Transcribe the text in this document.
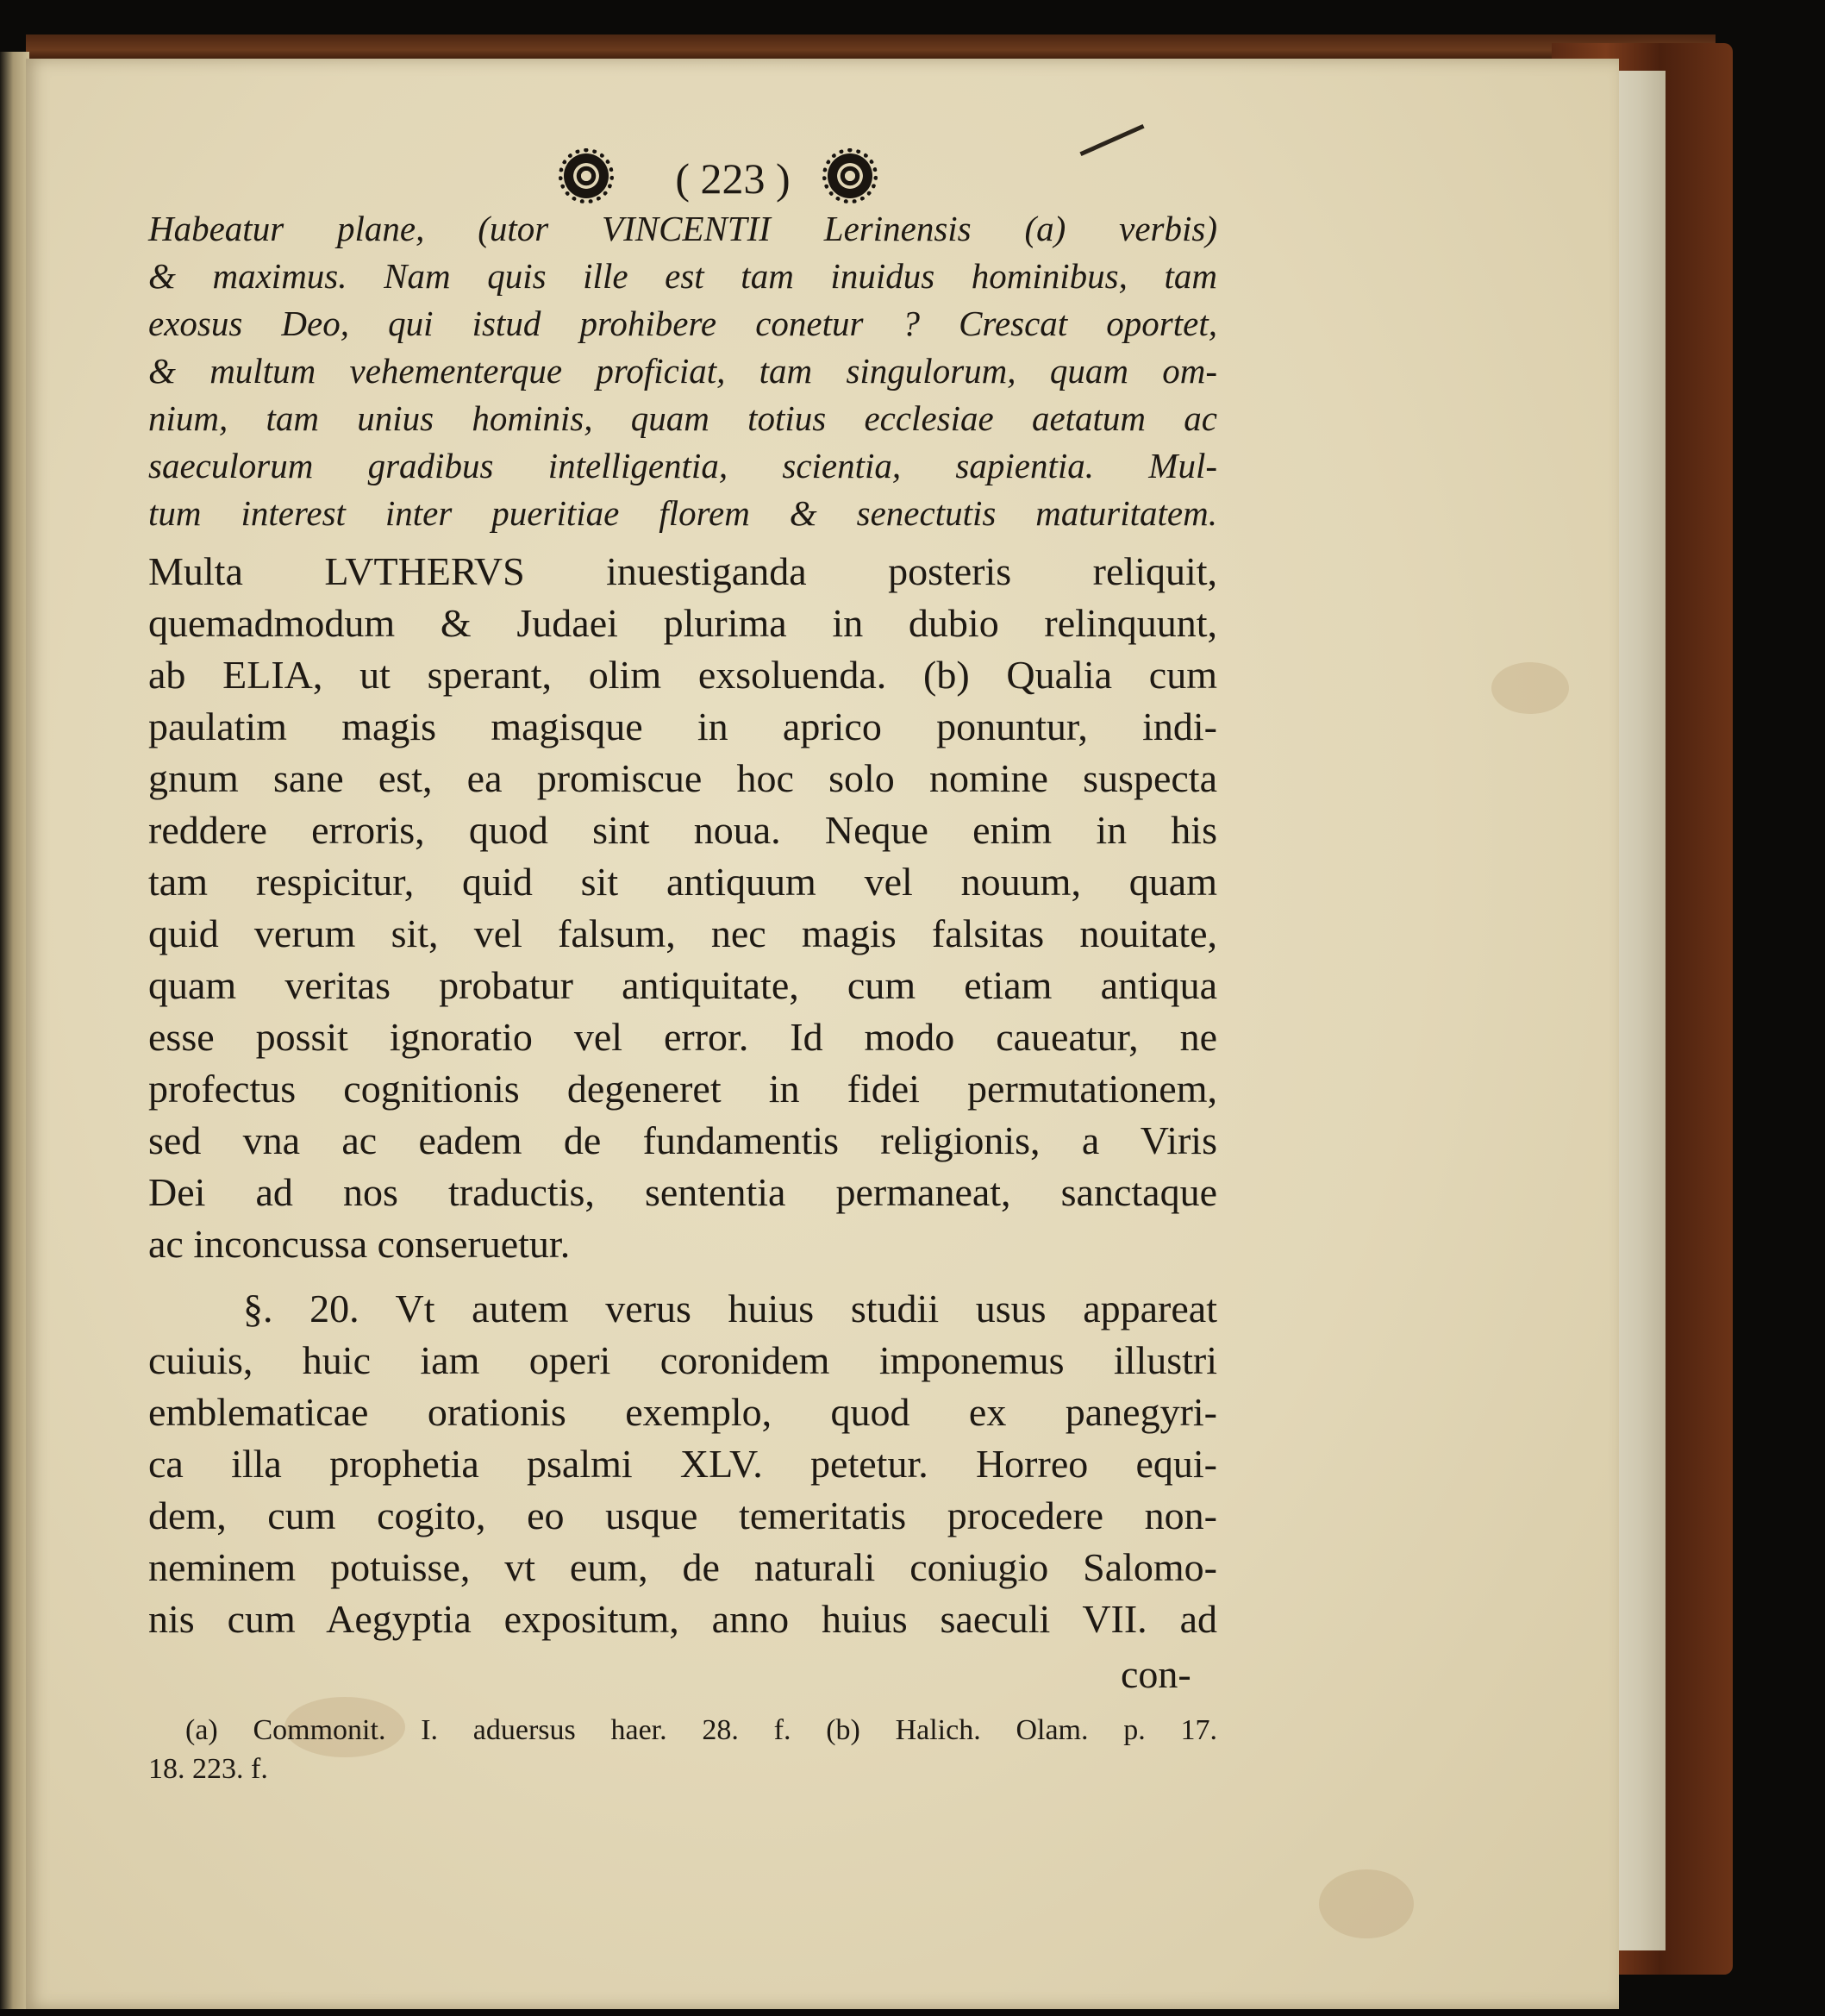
( 223 )
Habeatur plane, (utor VINCENTII Lerinensis (a) verbis)
& maximus. Nam quis ille est tam inuidus hominibus, tam
exosus Deo, qui istud prohibere conetur ? Crescat oportet,
& multum vehementerque proficiat, tam singulorum, quam om-
nium, tam unius hominis, quam totius ecclesiae aetatum ac
saeculorum gradibus intelligentia, scientia, sapientia. Mul-
tum interest inter pueritiae florem & senectutis maturitatem.
Multa LVTHERVS inuestiganda posteris reliquit,
quemadmodum & Judaei plurima in dubio relinquunt,
ab ELIA, ut sperant, olim exsoluenda. (b) Qualia cum
paulatim magis magisque in aprico ponuntur, indi-
gnum sane est, ea promiscue hoc solo nomine suspecta
reddere erroris, quod sint noua. Neque enim in his
tam respicitur, quid sit antiquum vel nouum, quam
quid verum sit, vel falsum, nec magis falsitas nouitate,
quam veritas probatur antiquitate, cum etiam antiqua
esse possit ignoratio vel error. Id modo caueatur, ne
profectus cognitionis degeneret in fidei permutationem,
sed vna ac eadem de fundamentis religionis, a Viris
Dei ad nos traductis, sententia permaneat, sanctaque
ac inconcussa conseruetur.
§. 20. Vt autem verus huius studii usus appareat
cuiuis, huic iam operi coronidem imponemus illustri
emblematicae orationis exemplo, quod ex panegyri-
ca illa prophetia psalmi XLV. petetur. Horreo equi-
dem, cum cogito, eo usque temeritatis procedere non-
neminem potuisse, vt eum, de naturali coniugio Salomo-
nis cum Aegyptia expositum, anno huius saeculi VII. ad
con-
(a) Commonit. I. aduersus haer. 28. f. (b) Halich. Olam. p. 17.
18. 223. f.
